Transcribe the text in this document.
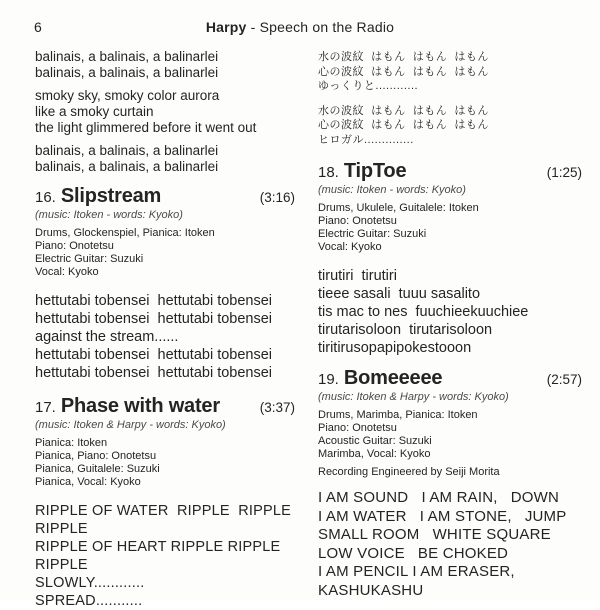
6	Harpy - Speech on the Radio
balinais, a balinais, a balinarlei
balinais, a balinais, a balinarlei
smoky sky, smoky color aurora
like a smoky curtain
the light glimmered before it went out
balinais, a balinais, a balinarlei
balinais, a balinais, a balinarlei
16. Slipstream	(3:16)
(music: Itoken - words: Kyoko)
Drums, Glockenspiel, Pianica: Itoken
Piano: Onotetsu
Electric Guitar: Suzuki
Vocal: Kyoko
hettutabi tobensei  hettutabi tobensei
hettutabi tobensei  hettutabi tobensei
against the stream......
hettutabi tobensei  hettutabi tobensei
hettutabi tobensei  hettutabi tobensei
17. Phase with water	(3:37)
(music: Itoken & Harpy - words: Kyoko)
Pianica: Itoken
Pianica, Piano: Onotetsu
Pianica, Guitalele: Suzuki
Pianica, Vocal: Kyoko
RIPPLE OF WATER  RIPPLE  RIPPLE RIPPLE
RIPPLE OF HEART RIPPLE RIPPLE RIPPLE
SLOWLY............
SPREAD...........
水の波紋  はもん  はもん  はもん
心の波紋  はもん  はもん  はもん
ゆっくりと............
水の波紋  はもん  はもん  はもん
心の波紋  はもん  はもん  はもん
ヒロガル..............
18. TipToe	(1:25)
(music: Itoken - words: Kyoko)
Drums, Ukulele, Guitalele: Itoken
Piano: Onotetsu
Electric Guitar: Suzuki
Vocal: Kyoko
tirutiri  tirutiri
tieee sasali  tuuu sasalito
tis mac to nes  fuuchieekuuchiee
tirutarisoloon  tirutarisoloon
tiritirusopapipokestooon
19. Bomeeeee	(2:57)
(music: Itoken & Harpy - words: Kyoko)
Drums, Marimba, Pianica: Itoken
Piano: Onotetsu
Acoustic Guitar: Suzuki
Marimba, Vocal: Kyoko
Recording Engineered by Seiji Morita
I AM SOUND   I AM RAIN,   DOWN
I AM WATER   I AM STONE,   JUMP
SMALL ROOM   WHITE SQUARE
LOW VOICE   BE CHOKED
I AM PENCIL I AM ERASER, KASHUKASHU
